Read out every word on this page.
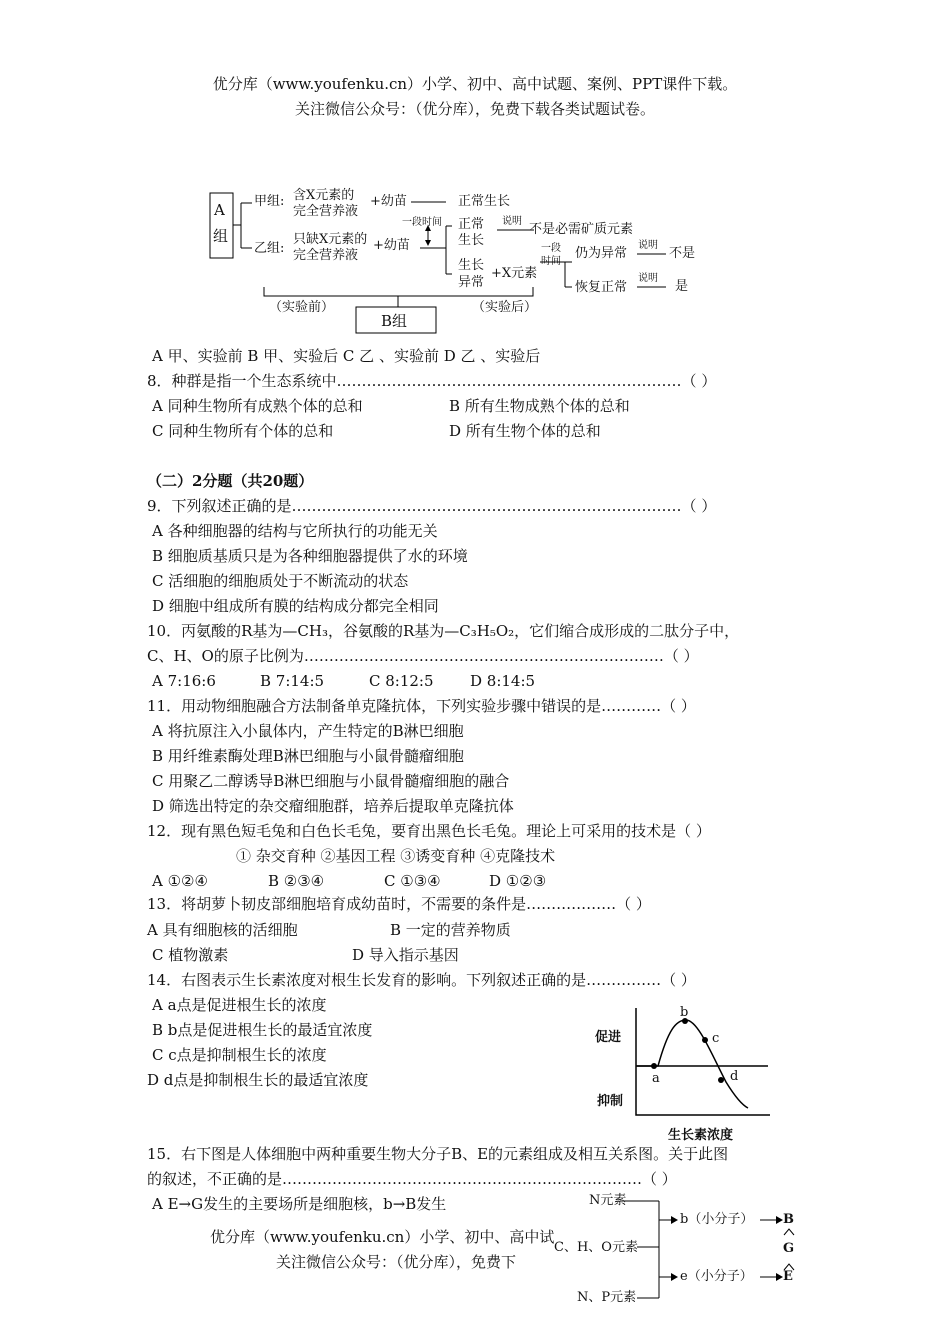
优分库（www.youfenku.cn）小学、初中、高中试题、案例、PPT课件下载。
关注微信公众号：（优分库），免费下载各类试题试卷。
A
组
甲组: 含X元素的
完全营养液
+幼苗	正常生长
一段时间
乙组:
只缺X元素的
完全营养液
+幼苗
正常
生长
说明
不是必需矿质元素
生长
异常
+X元素
一段
时间
仍为异常
说明
不是
恢复正常
说明
是
（实验前）	（实验后）
B组
A 甲、实验前 B 甲、实验后 C 乙 、实验前 D 乙 、实验后
8．种群是指一个生态系统中……………………………………………………………（ ）
A 同种生物所有成熟个体的总和	B 所有生物成熟个体的总和
C 同种生物所有个体的总和	D 所有生物个体的总和
（二）2分题（共20题）
9．下列叙述正确的是……………………………………………………………………（ ）
A 各种细胞器的结构与它所执行的功能无关
B 细胞质基质只是为各种细胞器提供了水的环境
C 活细胞的细胞质处于不断流动的状态
D 细胞中组成所有膜的结构成分都完全相同
10．丙氨酸的R基为—CH₃，谷氨酸的R基为—C₃H₅O₂，它们缩合成形成的二肽分子中，
C、H、O的原子比例为………………………………………………………………（ ）
A 7:16:6	B 7:14:5	C 8:12:5 D 8:14:5
11．用动物细胞融合方法制备单克隆抗体，下列实验步骤中错误的是…………（ ）
A 将抗原注入小鼠体内，产生特定的B淋巴细胞
B 用纤维素酶处理B淋巴细胞与小鼠骨髓瘤细胞
C 用聚乙二醇诱导B淋巴细胞与小鼠骨髓瘤细胞的融合
D 筛选出特定的杂交瘤细胞群，培养后提取单克隆抗体
12．现有黑色短毛兔和白色长毛兔，要育出黑色长毛兔。理论上可采用的技术是（ ）
① 杂交育种 ②基因工程 ③诱变育种 ④克隆技术
A ①②④	B ②③④	C ①③④	D ①②③
13．将胡萝卜韧皮部细胞培育成幼苗时，不需要的条件是………………（ ）
A 具有细胞核的活细胞	B 一定的营养物质
C 植物激素	D 导入指示基因
14．右图表示生长素浓度对根生长发育的影响。下列叙述正确的是……………（ ）
A a点是促进根生长的浓度
B b点是促进根生长的最适宜浓度
C c点是抑制根生长的浓度
D d点是抑制根生长的最适宜浓度
促进
抑制
生长素浓度
a
b
c
d
15．右下图是人体细胞中两种重要生物大分子B、E的元素组成及相互关系图。关于此图
的叙述，不正确的是………………………………………………………………（ ）
A E→G发生的主要场所是细胞核，b→B发生	N元素
C、H、O元素
N、P元素
b（小分子）
e（小分子）
B
G
E
优分库（www.youfenku.cn）小学、初中、高中试
关注微信公众号：（优分库），免费下
